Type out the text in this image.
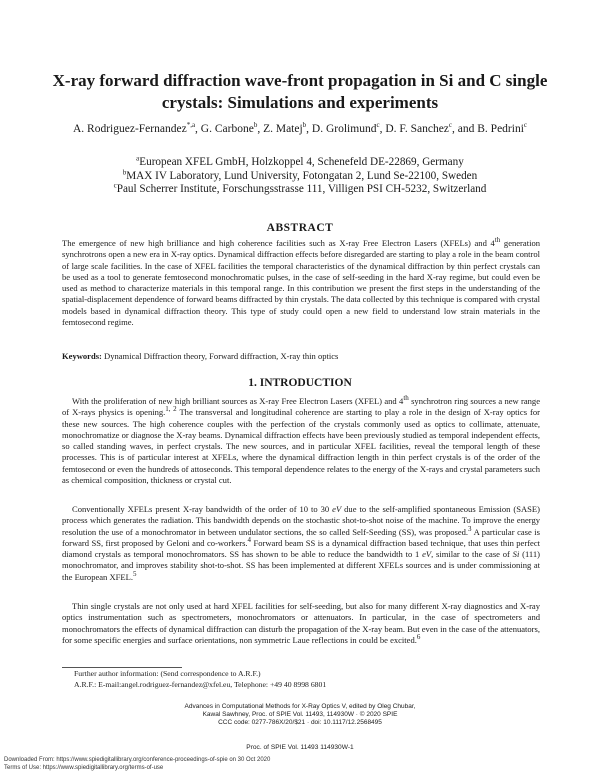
X-ray forward diffraction wave-front propagation in Si and C single crystals: Simulations and experiments
A. Rodriguez-Fernandez$^{*,a}$, G. Carbone$^b$, Z. Matej$^b$, D. Grolimund$^c$, D. F. Sanchez$^c$, and B. Pedrini$^c$
$^a$European XFEL GmbH, Holzkoppel 4, Schenefeld DE-22869, Germany
$^b$MAX IV Laboratory, Lund University, Fotongatan 2, Lund Se-22100, Sweden
$^c$Paul Scherrer Institute, Forschungsstrasse 111, Villigen PSI CH-5232, Switzerland
ABSTRACT

The emergence of new high brilliance and high coherence facilities such as X-ray Free Electron Lasers (XFELs) and 4th generation synchrotrons open a new era in X-ray optics. Dynamical diffraction effects before disregarded are starting to play a role in the beam control of large scale facilities. In the case of XFEL facilities the temporal characteristics of the dynamical diffraction by thin perfect crystals can be used as a tool to generate femtosecond monochromatic pulses, in the case of self-seeding in the hard X-ray regime, but could even be used as method to characterize materials in this temporal range. In this contribution we present the first steps in the understanding of the spatial-displacement dependence of forward beams diffracted by thin crystals. The data collected by this technique is compared with crystal models based in dynamical diffraction theory. This type of study could open a new field to understand low strain materials in the femtosecond regime.

Keywords: Dynamical Diffraction theory, Forward diffraction, X-ray thin optics

1. INTRODUCTION

With the proliferation of new high brilliant sources as X-ray Free Electron Lasers (XFEL) and 4th synchrotron ring sources a new range of X-rays physics is opening.$^{1, 2}$ The transversal and longitudinal coherence are starting to play a role in the design of X-ray optics for these new sources. The high coherence couples with the perfection of the crystals commonly used as optics to collimate, attenuate, monochromatize or diagnose the X-ray beams. Dynamical diffraction effects have been previously studied as temporal independent effects, so called standing waves, in perfect crystals. The new sources, and in particular XFEL facilities, reveal the temporal length of these processes. This is of particular interest at XFELs, where the dynamical diffraction length in thin perfect crystals is of the order of the femtosecond or even the hundreds of attoseconds. This temporal dependence relates to the energy of the X-rays and crystal parameters such as chemical composition, thickness or crystal cut.

Conventionally XFELs present X-ray bandwidth of the order of 10 to 30 eV due to the self-amplified spontaneous Emission (SASE) process which generates the radiation. This bandwidth depends on the stochastic shot-to-shot noise of the machine. To improve the energy resolution the use of a monochromator in between undulator sections, the so called Self-Seeding (SS), was proposed.$^3$ A particular case is forward SS, first proposed by Geloni and co-workers.$^4$ Forward beam SS is a dynamical diffraction based technique, that uses thin perfect diamond crystals as temporal monochromators. SS has shown to be able to reduce the bandwidth to 1 eV, similar to the case of Si (111) monochromator, and improves stability shot-to-shot. SS has been implemented at different XFELs sources and is under commissioning at the European XFEL.$^5$

Thin single crystals are not only used at hard XFEL facilities for self-seeding, but also for many different X-ray diagnostics and X-ray optics instrumentation such as spectrometers, monochromators or attenuators. In particular, in the case of spectrometers and monochromators the effects of dynamical diffraction can disturb the propagation of the X-ray beam. But even in the case of the attenuators, for some specific energies and surface orientations, non symmetric Laue reflections in could be excited.$^6$

Further author information: (Send correspondence to A.R.F.)
A.R.F.: E-mail:angel.rodriguez-fernandez@xfel.eu, Telephone: +49 40 8998 6801
Advances in Computational Methods for X-Ray Optics V, edited by Oleg Chubar,
Kawal Sawhney, Proc. of SPIE Vol. 11493, 114930W · © 2020 SPIE
CCC code: 0277-786X/20/$21 · doi: 10.1117/12.2568495
Proc. of SPIE Vol. 11493 114930W-1
Downloaded From: https://www.spiedigitallibrary.org/conference-proceedings-of-spie on 30 Oct 2020
Terms of Use: https://www.spiedigitallibrary.org/terms-of-use
